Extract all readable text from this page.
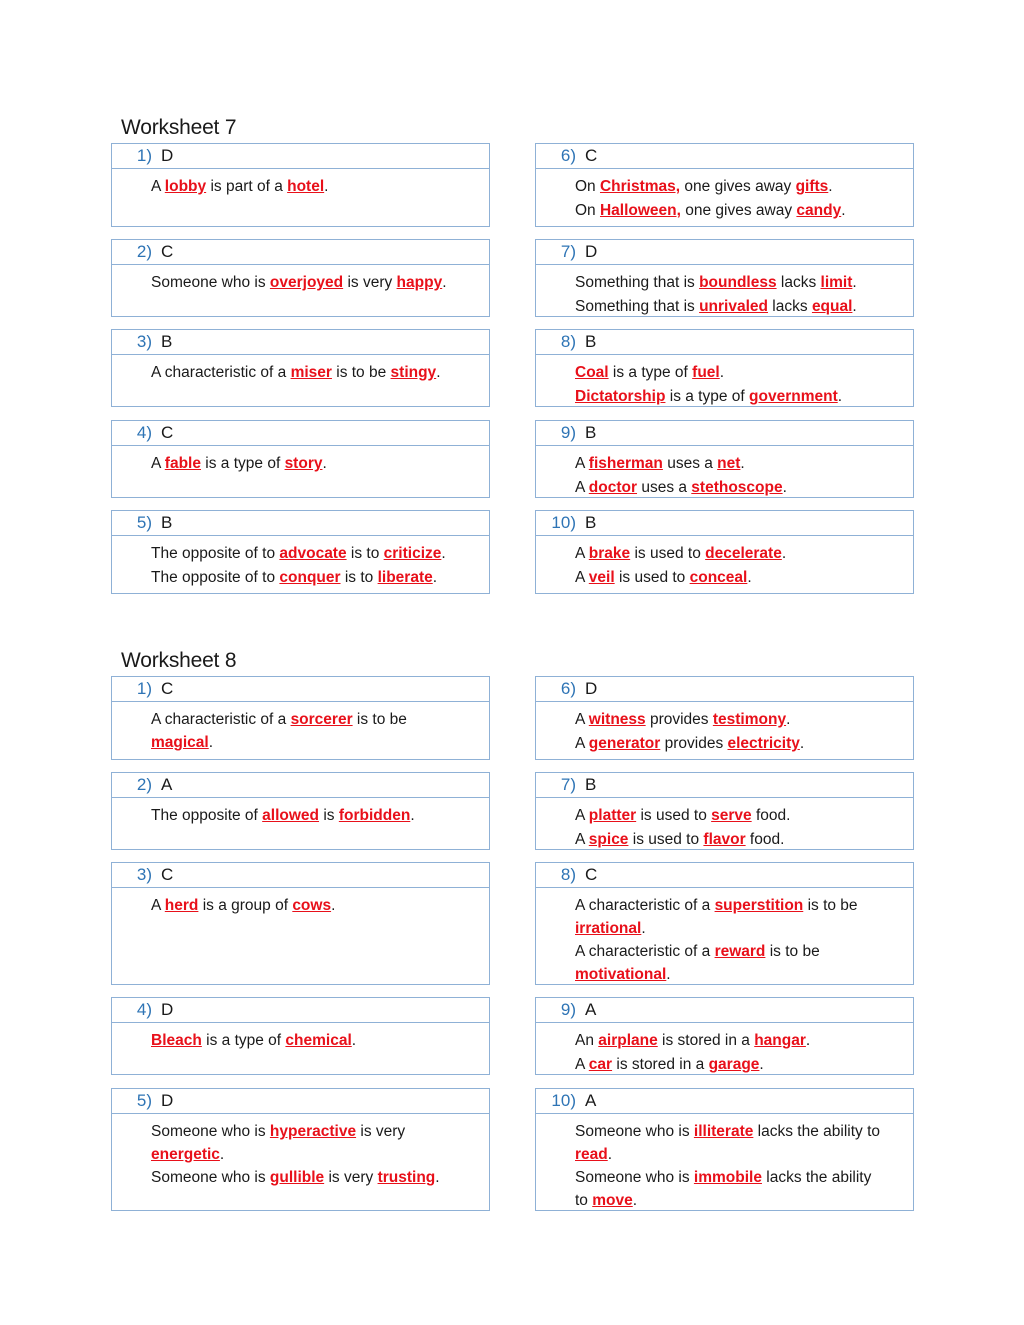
Worksheet 7
1) D
A lobby is part of a hotel.
2) C
Someone who is overjoyed is very happy.
3) B
A characteristic of a miser is to be stingy.
4) C
A fable is a type of story.
5) B
The opposite of to advocate is to criticize.
The opposite of to conquer is to liberate.
6) C
On Christmas, one gives away gifts.
On Halloween, one gives away candy.
7) D
Something that is boundless lacks limit.
Something that is unrivaled lacks equal.
8) B
Coal is a type of fuel.
Dictatorship is a type of government.
9) B
A fisherman uses a net.
A doctor uses a stethoscope.
10) B
A brake is used to decelerate.
A veil is used to conceal.
Worksheet 8
1) C
A characteristic of a sorcerer is to be magical.
2) A
The opposite of allowed is forbidden.
3) C
A herd is a group of cows.
4) D
Bleach is a type of chemical.
5) D
Someone who is hyperactive is very energetic.
Someone who is gullible is very trusting.
6) D
A witness provides testimony.
A generator provides electricity.
7) B
A platter is used to serve food.
A spice is used to flavor food.
8) C
A characteristic of a superstition is to be irrational.
A characteristic of a reward is to be motivational.
9) A
An airplane is stored in a hangar.
A car is stored in a garage.
10) A
Someone who is illiterate lacks the ability to read.
Someone who is immobile lacks the ability to move.
